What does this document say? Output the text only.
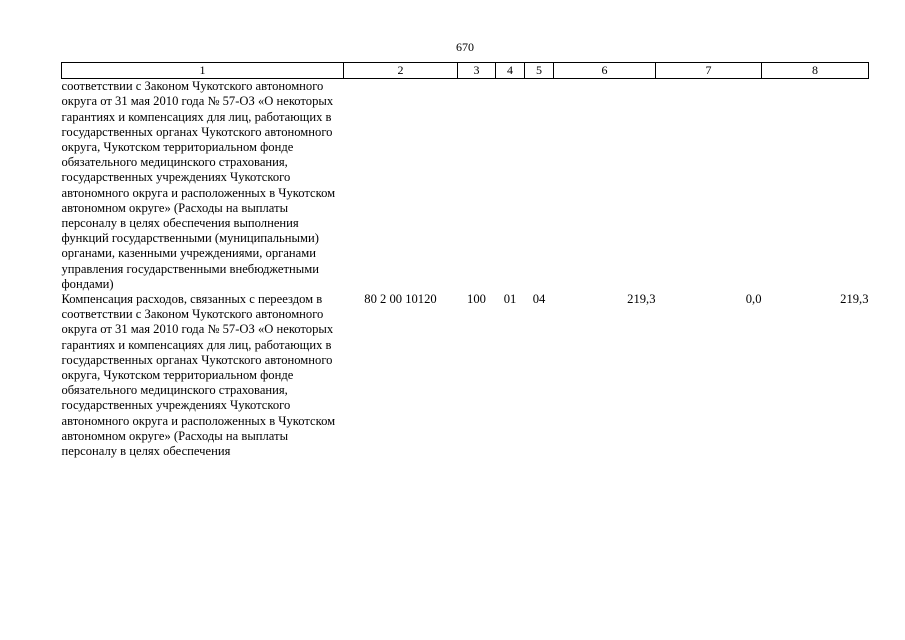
670
1	2	3	4	5	6	7	8
соответствии с Законом Чукотского автономного округа от 31 мая 2010 года № 57-ОЗ «О некоторых гарантиях и компенсациях для лиц, работающих в государственных органах Чукотского автономного округа, Чукотском территориальном фонде обязательного медицинского страхования, государственных учреждениях Чукотского автономного округа и расположенных в Чукотском автономном округе» (Расходы на выплаты персоналу в целях обеспечения выполнения функций государственными (муниципальными) органами, казенными учреждениями, органами управления государственными внебюджетными фондами)							
Компенсация расходов, связанных с переездом в соответствии с Законом Чукотского автономного округа от 31 мая 2010 года № 57-ОЗ «О некоторых гарантиях и компенсациях для лиц, работающих в государственных органах Чукотского автономного округа, Чукотском территориальном фонде обязательного медицинского страхования, государственных учреждениях Чукотского автономного округа и расположенных в Чукотском автономном округе» (Расходы на выплаты персоналу в целях обеспечения	80 2 00 10120	100	01	04	219,3	0,0	219,3
